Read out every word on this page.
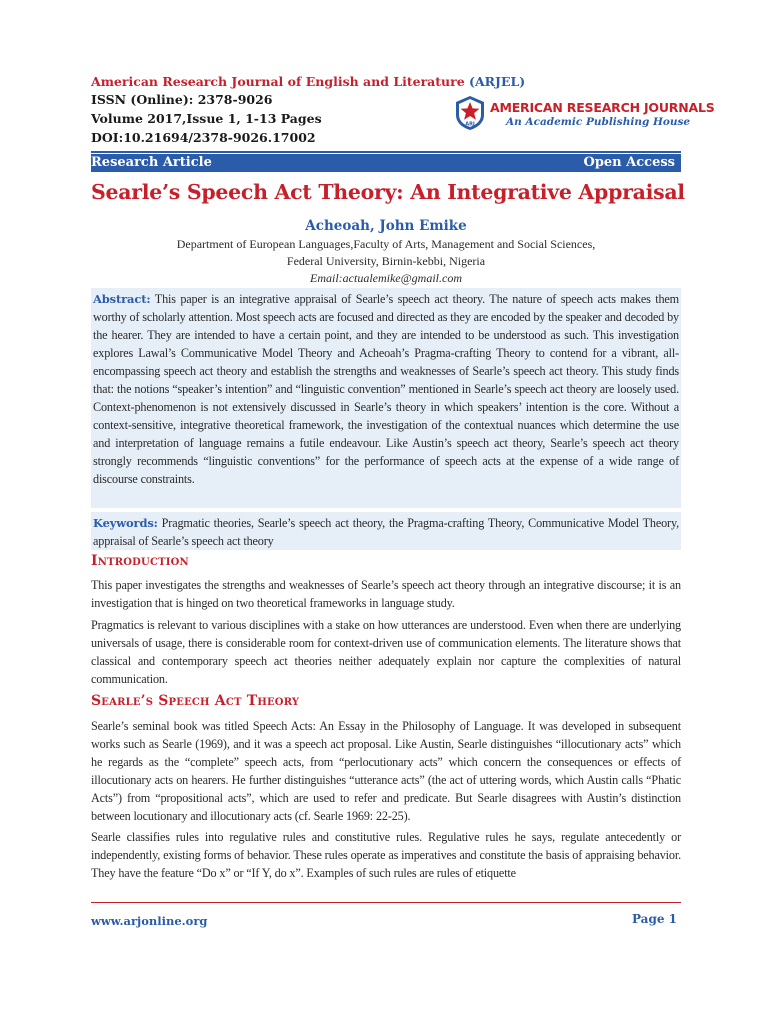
American Research Journal of English and Literature (ARJEL)
ISSN (Online): 2378-9026
Volume 2017,Issue 1, 1-13 Pages
DOI:10.21694/2378-9026.17002
ARJ
AMERICAN RESEARCH JOURNALS
An Academic Publishing House
Research Article	Open Access
Searle’s Speech Act Theory: An Integrative Appraisal
Acheoah, John Emike
Department of European Languages,Faculty of Arts, Management and Social Sciences,
Federal University, Birnin-kebbi, Nigeria
Email:actualemike@gmail.com

Abstract: This paper is an integrative appraisal of Searle’s speech act theory. The nature of speech acts makes them worthy of scholarly attention. Most speech acts are focused and directed as they are encoded by the speaker and decoded by the hearer. They are intended to have a certain point, and they are intended to be understood as such. This investigation explores Lawal’s Communicative Model Theory and Acheoah’s Pragma-crafting Theory to contend for a vibrant, all-encompassing speech act theory and establish the strengths and weaknesses of Searle’s speech act theory. This study finds that: the notions “speaker’s intention” and “linguistic convention” mentioned in Searle’s speech act theory are loosely used. Context-phenomenon is not extensively discussed in Searle’s theory in which speakers’ intention is the core. Without a context-sensitive, integrative theoretical framework, the investigation of the contextual nuances which determine the use and interpretation of language remains a futile endeavour. Like Austin’s speech act theory, Searle’s speech act theory strongly recommends “linguistic conventions” for the performance of speech acts at the expense of a wide range of discourse constraints.

Keywords: Pragmatic theories, Searle’s speech act theory, the Pragma-crafting Theory, Communicative Model Theory, appraisal of Searle’s speech act theory

Introduction

This paper investigates the strengths and weaknesses of Searle’s speech act theory through an integrative discourse; it is an investigation that is hinged on two theoretical frameworks in language study.

Pragmatics is relevant to various disciplines with a stake on how utterances are understood. Even when there are underlying universals of usage, there is considerable room for context-driven use of communication elements. The literature shows that classical and contemporary speech act theories neither adequately explain nor capture the complexities of natural communication.

Searle’s Speech Act Theory

Searle’s seminal book was titled Speech Acts: An Essay in the Philosophy of Language. It was developed in subsequent works such as Searle (1969), and it was a speech act proposal. Like Austin, Searle distinguishes “illocutionary acts” which he regards as the “complete” speech acts, from “perlocutionary acts” which concern the consequences or effects of illocutionary acts on hearers. He further distinguishes “utterance acts” (the act of uttering words, which Austin calls “Phatic Acts”) from “propositional acts”, which are used to refer and predicate. But Searle disagrees with Austin’s distinction between locutionary and illocutionary acts (cf. Searle 1969: 22-25).

Searle classifies rules into regulative rules and constitutive rules. Regulative rules he says, regulate antecedently or independently, existing forms of behavior. These rules operate as imperatives and constitute the basis of appraising behavior. They have the feature “Do x” or “If Y, do x”. Examples of such rules are rules of etiquette

www.arjonline.org	Page 1
